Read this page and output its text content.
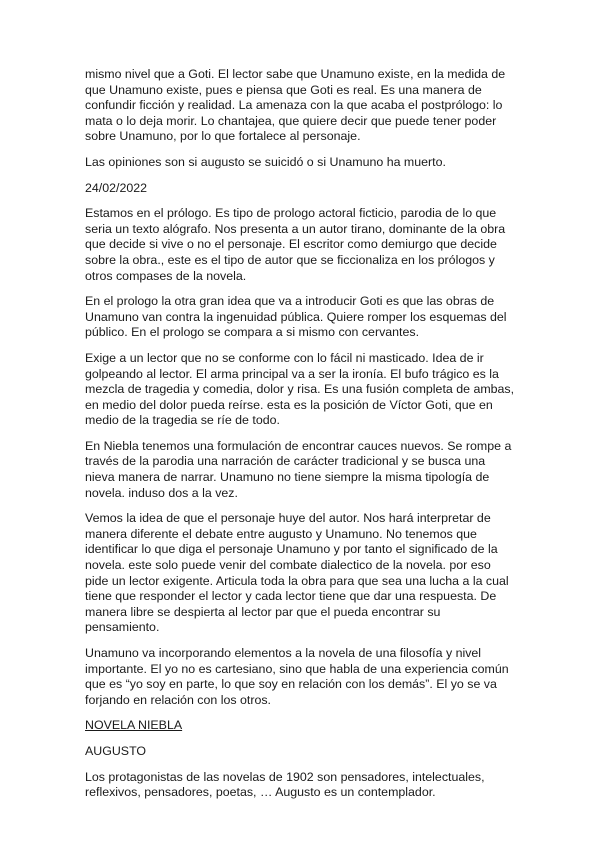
mismo nivel que a Goti. El lector sabe que Unamuno existe, en la medida de que Unamuno existe, pues e piensa que Goti es real. Es una manera de confundir ficción y realidad. La amenaza con la que acaba el postprólogo: lo mata o lo deja morir. Lo chantajea, que quiere decir que puede tener poder sobre Unamuno, por lo que fortalece al personaje.

Las opiniones son si augusto se suicidó o si Unamuno ha muerto.

24/02/2022

Estamos en el prólogo. Es tipo de prologo actoral ficticio, parodia de lo que seria un texto alógrafo. Nos presenta a un autor tirano, dominante de la obra que decide si vive o no el personaje. El escritor como demiurgo que decide sobre la obra., este es el tipo de autor que se ficcionaliza en los prólogos y otros compases de la novela.

En el prologo la otra gran idea que va a introducir Goti es que las obras de Unamuno van contra la ingenuidad pública. Quiere romper los esquemas del público. En el prologo se compara a si mismo con cervantes.

Exige a un lector que no se conforme con lo fácil ni masticado. Idea de ir golpeando al lector. El arma principal va a ser la ironía. El bufo trágico es la mezcla de tragedia y comedia, dolor y risa. Es una fusión completa de ambas, en medio del dolor pueda reírse. esta es la posición de Víctor Goti, que en medio de la tragedia se ríe de todo.

En Niebla tenemos una formulación de encontrar cauces nuevos. Se rompe a través de la parodia una narración de carácter tradicional y se busca una nieva manera de narrar. Unamuno no tiene siempre la misma tipología de novela. induso dos a la vez.

Vemos la idea de que el personaje huye del autor. Nos hará interpretar de manera diferente el debate entre augusto y Unamuno. No tenemos que identificar lo que diga el personaje Unamuno y por tanto el significado de la novela. este solo puede venir del combate dialectico de la novela. por eso pide un lector exigente. Articula toda la obra para que sea una lucha a la cual tiene que responder el lector y cada lector tiene que dar una respuesta. De manera libre se despierta al lector par que el pueda encontrar su pensamiento.

Unamuno va incorporando elementos a la novela de una filosofía y nivel importante. El yo no es cartesiano, sino que habla de una experiencia común que es “yo soy en parte, lo que soy en relación con los demás”. El yo se va forjando en relación con los otros.

NOVELA NIEBLA

AUGUSTO

Los protagonistas de las novelas de 1902 son pensadores, intelectuales, reflexivos, pensadores, poetas, … Augusto es un contemplador.
